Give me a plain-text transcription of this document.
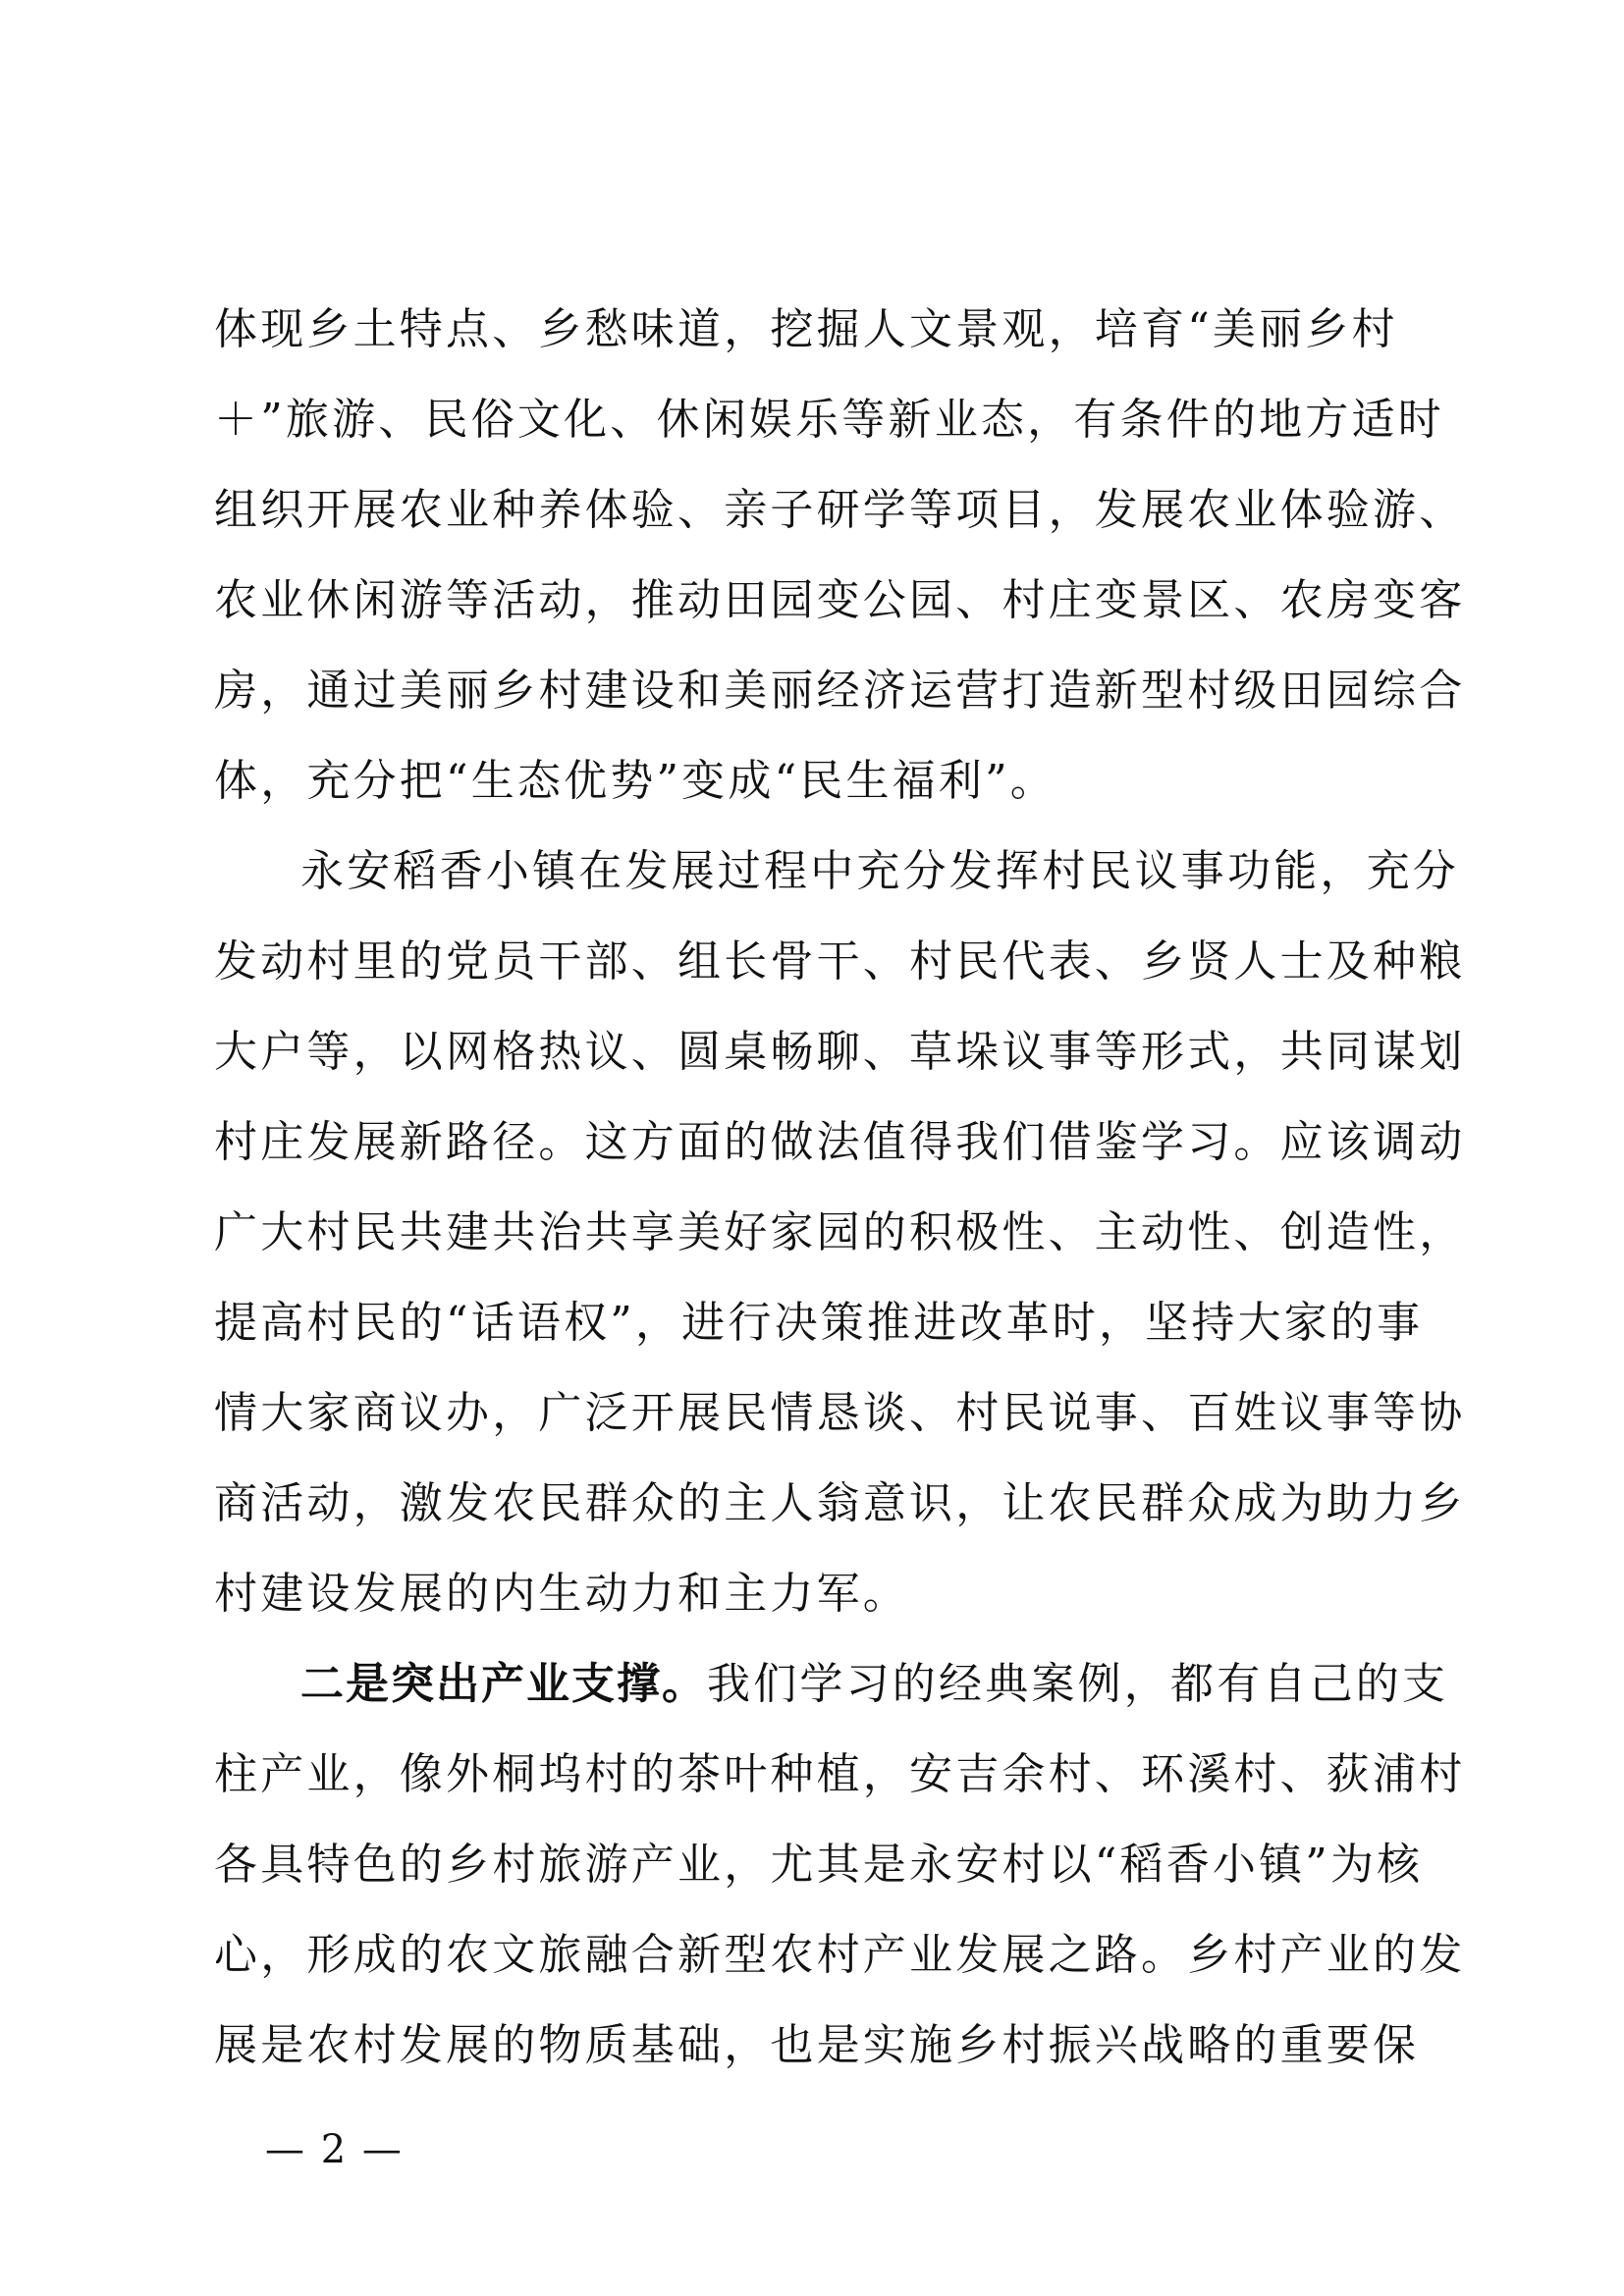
体现乡土特点、乡愁味道，挖掘人文景观，培育“美丽乡村
＋”旅游、民俗文化、休闲娱乐等新业态，有条件的地方适时
组织开展农业种养体验、亲子研学等项目，发展农业体验游、
农业休闲游等活动，推动田园变公园、村庄变景区、农房变客
房，通过美丽乡村建设和美丽经济运营打造新型村级田园综合
体，充分把“生态优势”变成“民生福利”。
永安稻香小镇在发展过程中充分发挥村民议事功能，充分
发动村里的党员干部、组长骨干、村民代表、乡贤人士及种粮
大户等，以网格热议、圆桌畅聊、草垛议事等形式，共同谋划
村庄发展新路径。这方面的做法值得我们借鉴学习。应该调动
广大村民共建共治共享美好家园的积极性、主动性、创造性，
提高村民的“话语权”，进行决策推进改革时，坚持大家的事
情大家商议办，广泛开展民情恳谈、村民说事、百姓议事等协
商活动，激发农民群众的主人翁意识，让农民群众成为助力乡
村建设发展的内生动力和主力军。
二是突出产业支撑。我们学习的经典案例，都有自己的支
柱产业，像外桐坞村的茶叶种植，安吉余村、环溪村、荻浦村
各具特色的乡村旅游产业，尤其是永安村以“稻香小镇”为核
心，形成的农文旅融合新型农村产业发展之路。乡村产业的发
展是农村发展的物质基础，也是实施乡村振兴战略的重要保
— 2 —
